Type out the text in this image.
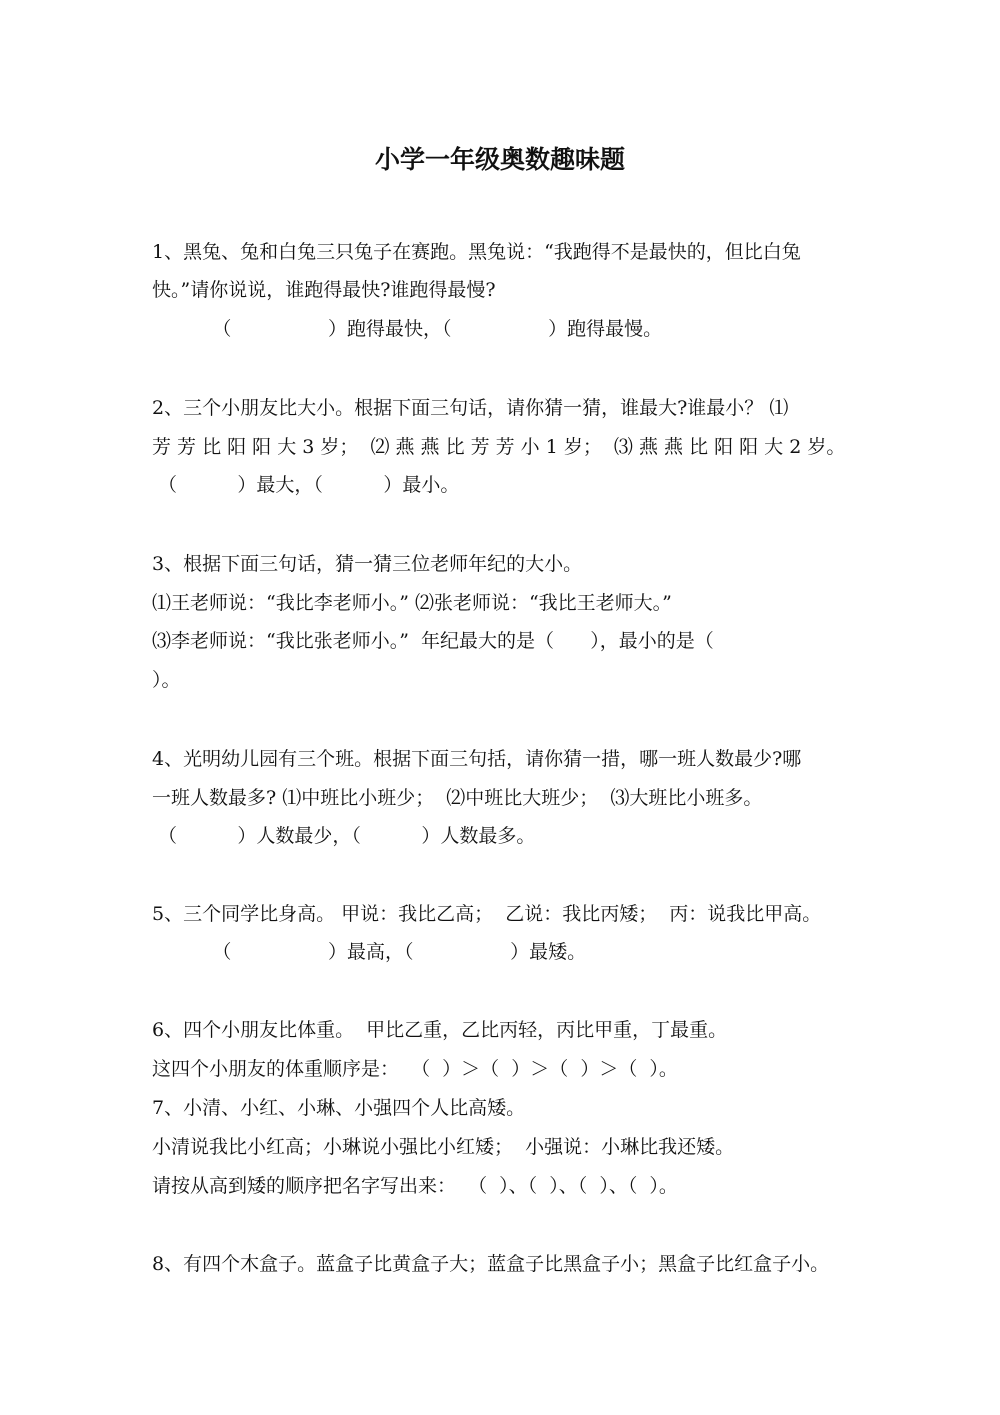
小学一年级奥数趣味题
1、黑兔、兔和白兔三只兔子在赛跑。黑兔说：“我跑得不是最快的，但比白兔
快。”请你说说，谁跑得最快?谁跑得最慢?
（                ）跑得最快，（                ）跑得最慢。
2、三个小朋友比大小。根据下面三句话，请你猜一猜，谁最大?谁最小？ ⑴
芳 芳 比 阳 阳 大 3 岁；  ⑵ 燕 燕 比 芳 芳 小 1 岁；  ⑶ 燕 燕 比 阳 阳 大 2 岁。
（          ）最大，（          ）最小。
3、根据下面三句话，猜一猜三位老师年纪的大小。
⑴王老师说：“我比李老师小。” ⑵张老师说：“我比王老师大。”
⑶李老师说：“我比张老师小。”  年纪最大的是（      ），最小的是（
）。
4、光明幼儿园有三个班。根据下面三句括，请你猜一措，哪一班人数最少?哪
一班人数最多? ⑴中班比小班少；  ⑵中班比大班少；  ⑶大班比小班多。
（          ）人数最少，（          ）人数最多。
5、三个同学比身高。 甲说：我比乙高；  乙说：我比丙矮；  丙：说我比甲高。
（                ）最高，（                ）最矮。
6、四个小朋友比体重。  甲比乙重，乙比丙轻，丙比甲重，丁最重。
这四个小朋友的体重顺序是：  （  ）＞（  ）＞（  ）＞（  ）。
7、小清、小红、小琳、小强四个人比高矮。
小清说我比小红高；小琳说小强比小红矮；  小强说：小琳比我还矮。
请按从高到矮的顺序把名字写出来：  （  ）、（  ）、（  ）、（  ）。
8、有四个木盒子。蓝盒子比黄盒子大；蓝盒子比黑盒子小；黑盒子比红盒子小。
